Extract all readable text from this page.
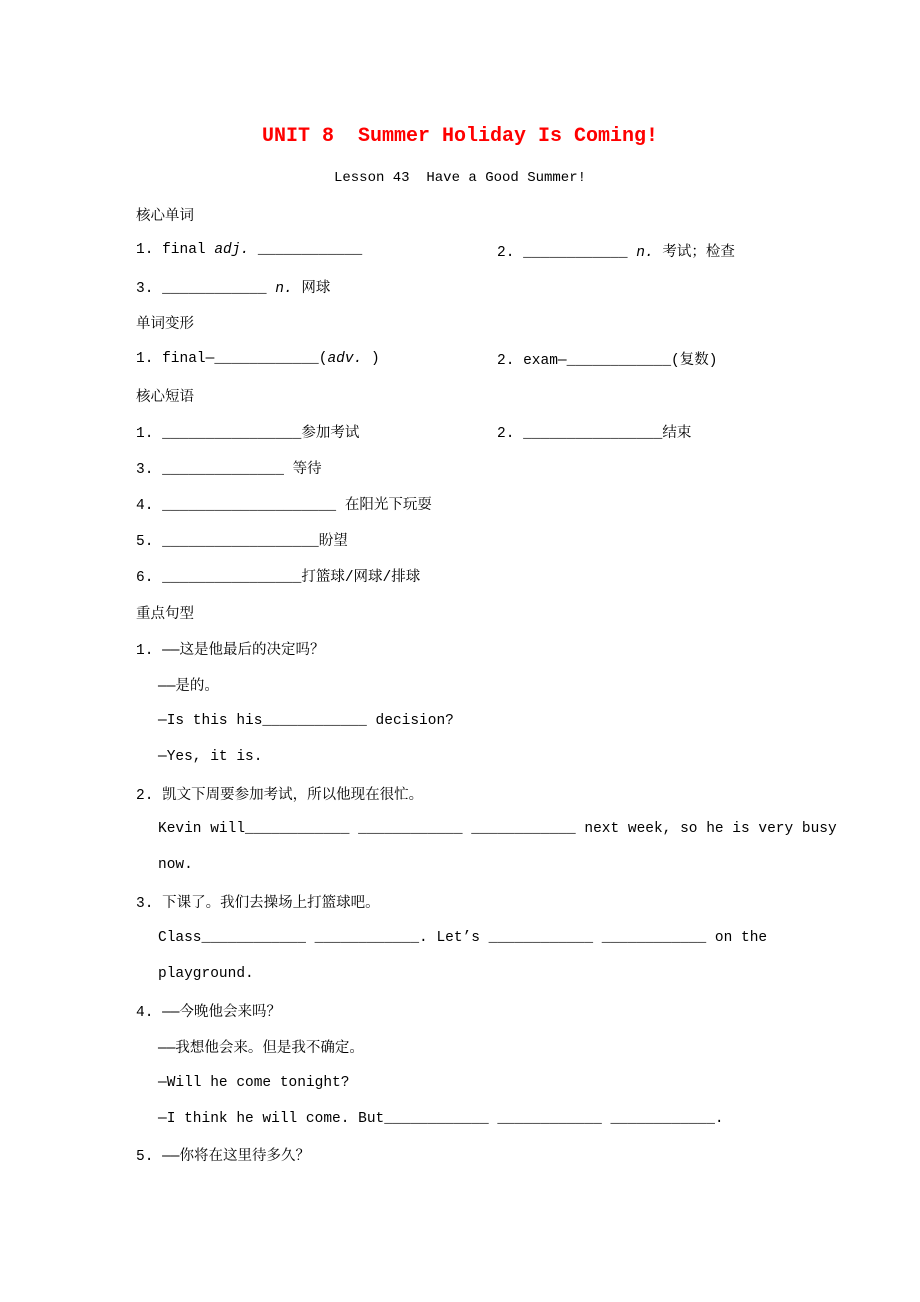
UNIT 8  Summer Holiday Is Coming!
Lesson 43  Have a Good Summer!
核心单词
1. final adj. ____________	2. ____________ n. 考试；检查
3. ____________ n. 网球
单词变形
1. final—____________(adv. )	2. exam—____________(复数)
核心短语
1. ________________参加考试	2. ________________结束
3. ______________ 等待
4. ____________________ 在阳光下玩耍
5. __________________盼望
6. ________________打篮球/网球/排球
重点句型
1. ——这是他最后的决定吗？
——是的。
—Is this his____________ decision?
—Yes, it is.
2. 凯文下周要参加考试，所以他现在很忙。
Kevin will____________ ____________ ____________ next week, so he is very busy
now.
3. 下课了。我们去操场上打篮球吧。
Class____________ ____________. Let’s ____________ ____________ on the
playground.
4. ——今晚他会来吗？
——我想他会来。但是我不确定。
—Will he come tonight?
—I think he will come. But____________ ____________ ____________.
5. ——你将在这里待多久？
